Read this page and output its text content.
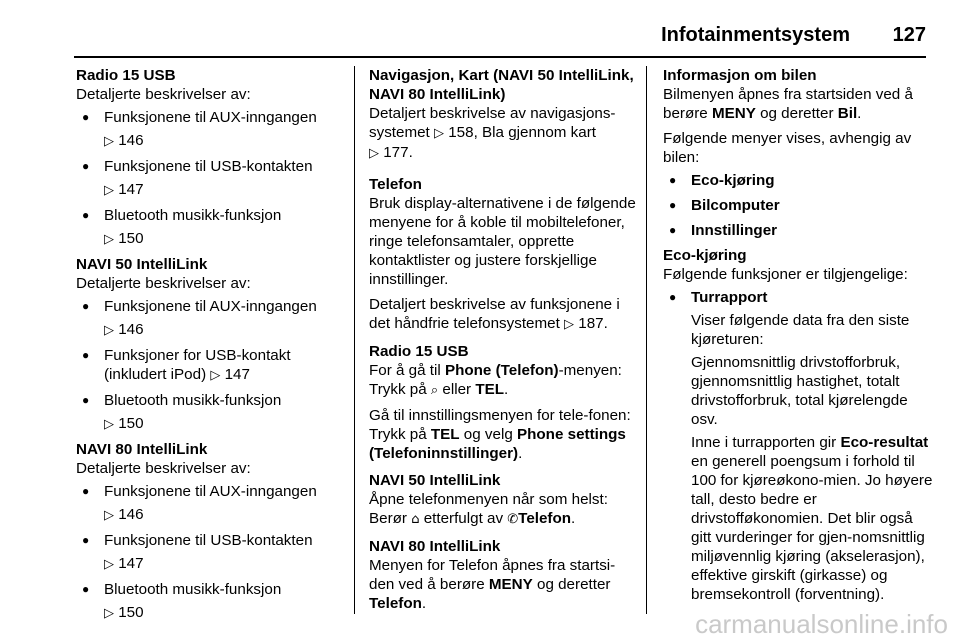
Infotainmentsystem 127

Radio 15 USB

Detaljerte beskrivelser av:

● Funksjonene til AUX-inngangen
▷ 146
● Funksjonene til USB-kontakten
▷ 147
● Bluetooth musikk-funksjon
▷ 150

NAVI 50 IntelliLink

Detaljerte beskrivelser av:

● Funksjonene til AUX-inngangen
▷ 146
● Funksjoner for USB-kontakt (inkludert iPod) ▷ 147
● Bluetooth musikk-funksjon
▷ 150

NAVI 80 IntelliLink

Detaljerte beskrivelser av:

● Funksjonene til AUX-inngangen
▷ 146
● Funksjonene til USB-kontakten
▷ 147
● Bluetooth musikk-funksjon
▷ 150

Navigasjon, Kart (NAVI 50 IntelliLink, NAVI 80 IntelliLink)

Detaljert beskrivelse av navigasjons-systemet ▷ 158, Bla gjennom kart
▷ 177.

Telefon

Bruk display-alternativene i de følgende menyene for å koble til mobiltelefoner, ringe telefonsamtaler, opprette kontaktlister og justere forskjellige innstillinger.

Detaljert beskrivelse av funksjonene i det håndfrie telefonsystemet ▷ 187.

Radio 15 USB

For å gå til Phone (Telefon)-menyen:
Trykk på ⌕ eller TEL.

Gå til innstillingsmenyen for tele-fonen: Trykk på TEL og velg Phone settings (Telefoninnstillinger).

NAVI 50 IntelliLink

Åpne telefonmenyen når som helst:
Berør ⌂ etterfulgt av ✆Telefon.

NAVI 80 IntelliLink

Menyen for Telefon åpnes fra startsi-den ved å berøre MENY og deretter Telefon.

Informasjon om bilen

Bilmenyen åpnes fra startsiden ved å berøre MENY og deretter Bil.

Følgende menyer vises, avhengig av bilen:

● Eco-kjøring
● Bilcomputer
● Innstillinger

Eco-kjøring

Følgende funksjoner er tilgjengelige:

● Turrapport
Viser følgende data fra den siste kjøreturen:
Gjennomsnittlig drivstofforbruk, gjennomsnittlig hastighet, totalt drivstofforbruk, total kjørelengde osv.
Inne i turrapporten gir Eco-resultat en generell poengsum i forhold til 100 for kjøreøkono-mien. Jo høyere tall, desto bedre er drivstofføkonomien. Det blir også gitt vurderinger for gjen-nomsnittlig miljøvennlig kjøring (akselerasjon), effektive girskift (girkasse) og bremsekontroll (forventning).
carmanualsonline.info
